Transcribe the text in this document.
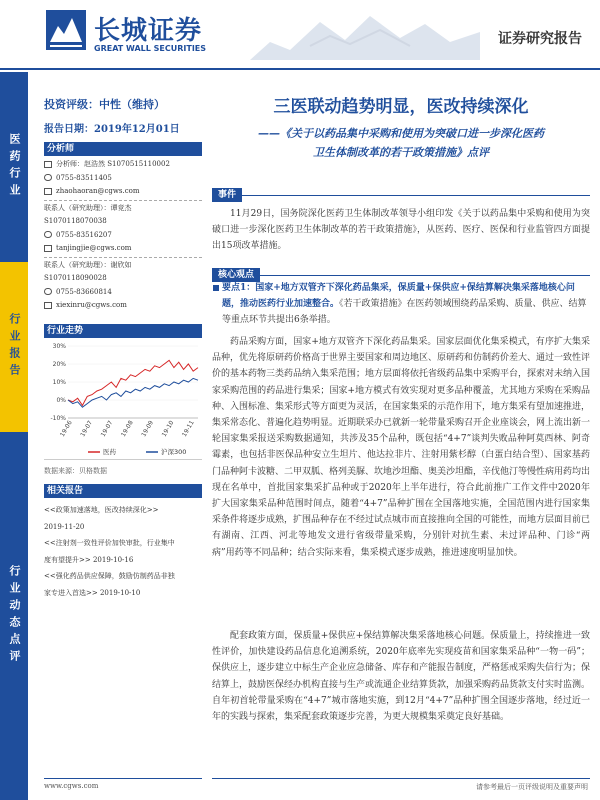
长城证券
GREAT WALL SECURITIES
证券研究报告
医药行业
行业报告
行业动态点评
投资评级：中性（维持）
报告日期：2019年12月01日
分析师
分析师：赵浩然 S1070515110002
0755-83511405
zhaohaoran@cgws.com
联系人（研究助理）：谭竞杰
S1070118070038
0755-83516207
tanjingjie@cgws.com
联系人（研究助理）：谢欣如
S1070118090028
0755-83660814
xiexinru@cgws.com
行业走势
30%
20%
10%
0%
-10%
19-06 19-07 19-07 19-08 19-09 19-10 19-11
医药	沪深300
数据来源：贝格数据
相关报告
<<政策加速落地，医改持续深化>>
2019-11-20
<<注射剂一致性评价加快审批，行业集中
度有望提升>> 2019-10-16
<<强化药品供应保障，鼓励仿制药品非独
家专进入首选>> 2019-10-10
三医联动趋势明显，医改持续深化
——《关于以药品集中采购和使用为突破口进一步深化医药
卫生体制改革的若干政策措施》点评
事件
11月29日，国务院深化医药卫生体制改革领导小组印发《关于以药品集中采购和使用为突破口进一步深化医药卫生体制改革的若干政策措施》，从医药、医疗、医保和行业监管四方面提出15项改革措施。
核心观点
要点1：国家+地方双管齐下深化药品集采，保质量+保供应+保结算解决集采落地核心问题，推动医药行业加速整合。《若干政策措施》在医药领域围绕药品采购、质量、供应、结算等重点环节共提出6条举措。
药品采购方面，国家+地方双管齐下深化药品集采。国家层面优化集采模式，有序扩大集采品种，优先将原研药价格高于世界主要国家和周边地区、原研药和仿制药价差大、通过一致性评价的基本药物三类药品纳入集采范围；地方层面将依托省级药品集中采购平台，探索对未纳入国家采购范围的药品进行集采；国家+地方模式有效实现对更多品种覆盖，尤其地方采购在采购品种、入围标准、集采形式等方面更为灵活，在国家集采的示范作用下，地方集采有望加速推进，集采常态化、普遍化趋势明显。近期联采办已就新一轮带量采购召开企业座谈会，网上流出新一轮国家集采报送采购数据通知，共涉及35个品种，既包括“4+7”谈判失败品种阿莫西林、阿奇霉素，也包括非医保品种安立生坦片、他达拉非片、注射用紫杉醇（白蛋白结合型）、国家基药门品种阿卡波糖、二甲双胍、格列美脲、坎地沙坦酯、奥美沙坦酯，辛伐他汀等慢性病用药均出现在名单中，首批国家集采扩品种或于2020年上半年进行，符合此前推广工作文件中2020年扩大国家集采品种范围时间点，随着“4+7”品种扩围在全国落地实施，全国范围内进行国家集采条件将逐步成熟，扩围品种存在不经过试点城市而直接推向全国的可能性，而地方层面目前已有湖南、江西、河北等地发文进行省级带量采购，分别针对抗生素、未过评品种、门诊“两病”用药等不同品种；结合实际来看，集采模式逐步成熟，推进速度明显加快。
配套政策方面，保质量+保供应+保结算解决集采落地核心问题。保质量上，持续推进一致性评价，加快建设药品信息化追溯系统，2020年底率先实现疫苗和国家集采品种“一物一码”；保供应上，逐步建立中标生产企业应急储备、库存和产能报告制度，严格惩戒采购失信行为；保结算上，鼓励医保经办机构直接与生产或流通企业结算货款，加强采购药品货款支付实时监测。自年初首轮带量采购在“4+7”城市落地实施，到12月“4+7”品种扩围全国逐步落地，经过近一年的实践与探索，集采配套政策逐步完善，为更大规模集采奠定良好基础。
www.cgws.com	请参考最后一页评级说明及重要声明
